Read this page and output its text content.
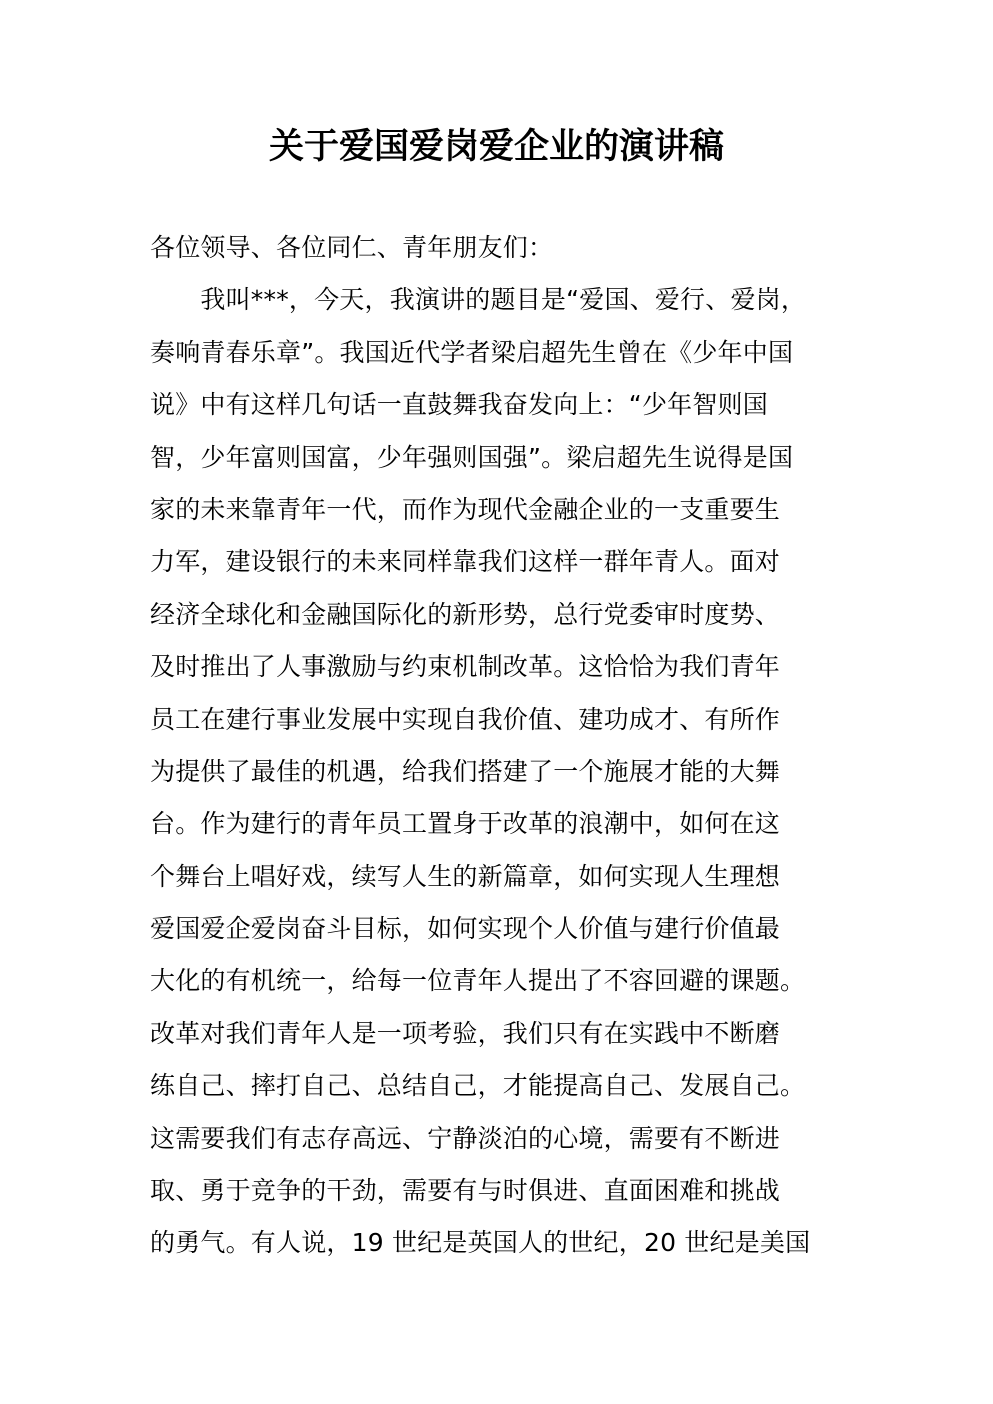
关于爱国爱岗爱企业的演讲稿
各位领导、各位同仁、青年朋友们：
　　我叫***，今天，我演讲的题目是“爱国、爱行、爱岗，
奏响青春乐章”。我国近代学者梁启超先生曾在《少年中国
说》中有这样几句话一直鼓舞我奋发向上：“少年智则国
智，少年富则国富，少年强则国强”。梁启超先生说得是国
家的未来靠青年一代，而作为现代金融企业的一支重要生
力军，建设银行的未来同样靠我们这样一群年青人。面对
经济全球化和金融国际化的新形势，总行党委审时度势、
及时推出了人事激励与约束机制改革。这恰恰为我们青年
员工在建行事业发展中实现自我价值、建功成才、有所作
为提供了最佳的机遇，给我们搭建了一个施展才能的大舞
台。作为建行的青年员工置身于改革的浪潮中，如何在这
个舞台上唱好戏，续写人生的新篇章，如何实现人生理想
爱国爱企爱岗奋斗目标，如何实现个人价值与建行价值最
大化的有机统一，给每一位青年人提出了不容回避的课题。
改革对我们青年人是一项考验，我们只有在实践中不断磨
练自己、摔打自己、总结自己，才能提高自己、发展自己。
这需要我们有志存高远、宁静淡泊的心境，需要有不断进
取、勇于竞争的干劲，需要有与时俱进、直面困难和挑战
的勇气。有人说，19 世纪是英国人的世纪，20 世纪是美国
